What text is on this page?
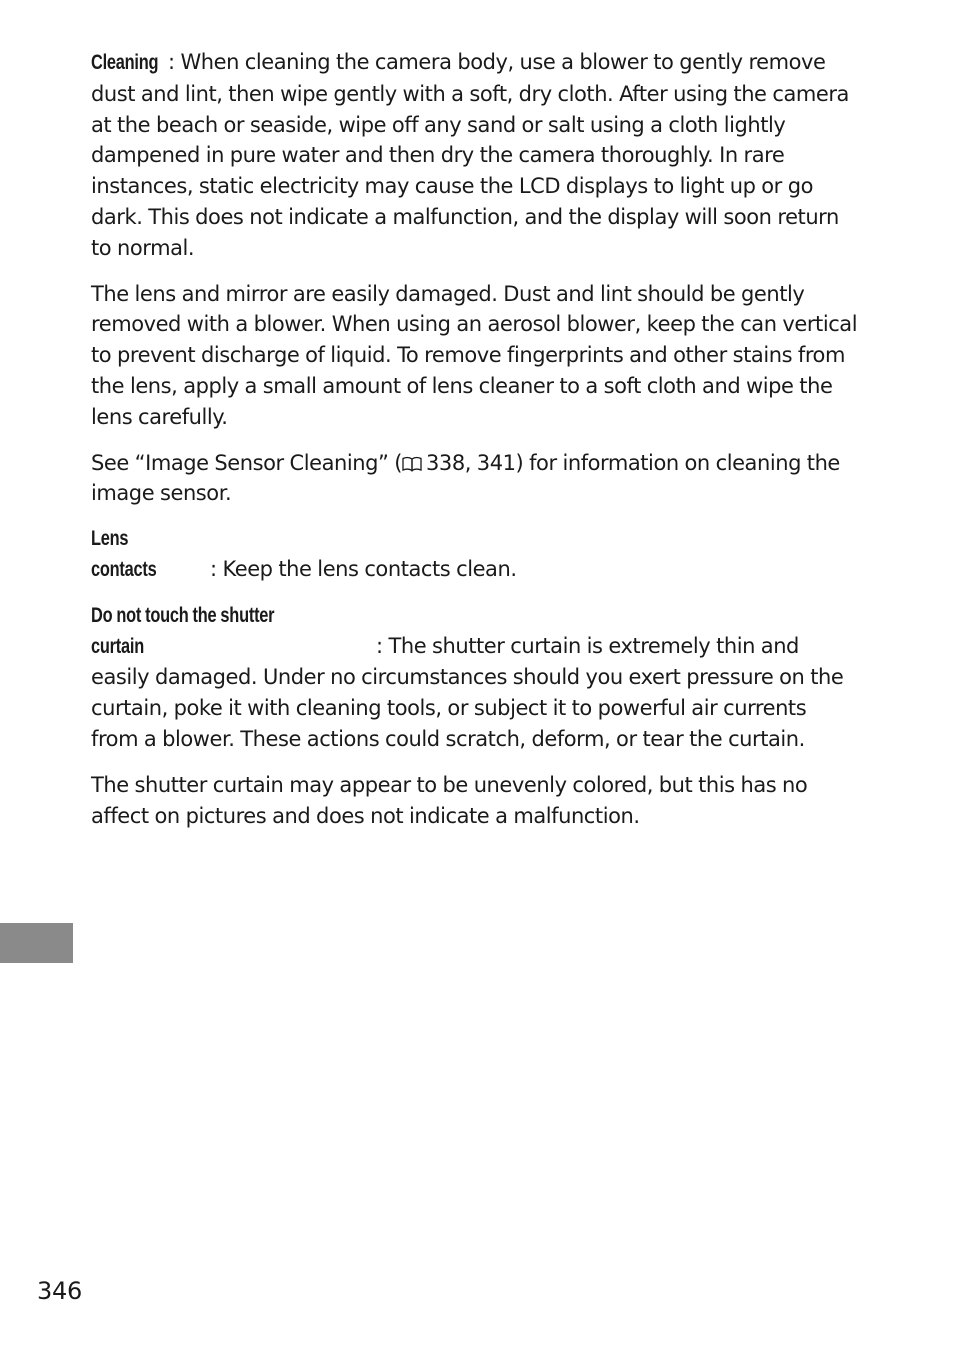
Cleaning : When cleaning the camera body, use a blower to gently remove dust and lint, then wipe gently with a soft, dry cloth. After using the camera at the beach or seaside, wipe off any sand or salt using a cloth lightly dampened in pure water and then dry the camera thoroughly. In rare instances, static electricity may cause the LCD displays to light up or go dark. This does not indicate a malfunction, and the display will soon return to normal.

The lens and mirror are easily damaged. Dust and lint should be gently removed with a blower. When using an aerosol blower, keep the can vertical to prevent discharge of liquid. To remove fingerprints and other stains from the lens, apply a small amount of lens cleaner to a soft cloth and wipe the lens carefully.

See “Image Sensor Cleaning” ( 338, 341) for information on cleaning the image sensor.

Lens contacts	: Keep the lens contacts clean.

Do not touch the shutter curtain	: The shutter curtain is extremely thin and easily damaged. Under no circumstances should you exert pressure on the curtain, poke it with cleaning tools, or subject it to powerful air currents from a blower. These actions could scratch, deform, or tear the curtain.

The shutter curtain may appear to be unevenly colored, but this has no affect on pictures and does not indicate a malfunction.

346
